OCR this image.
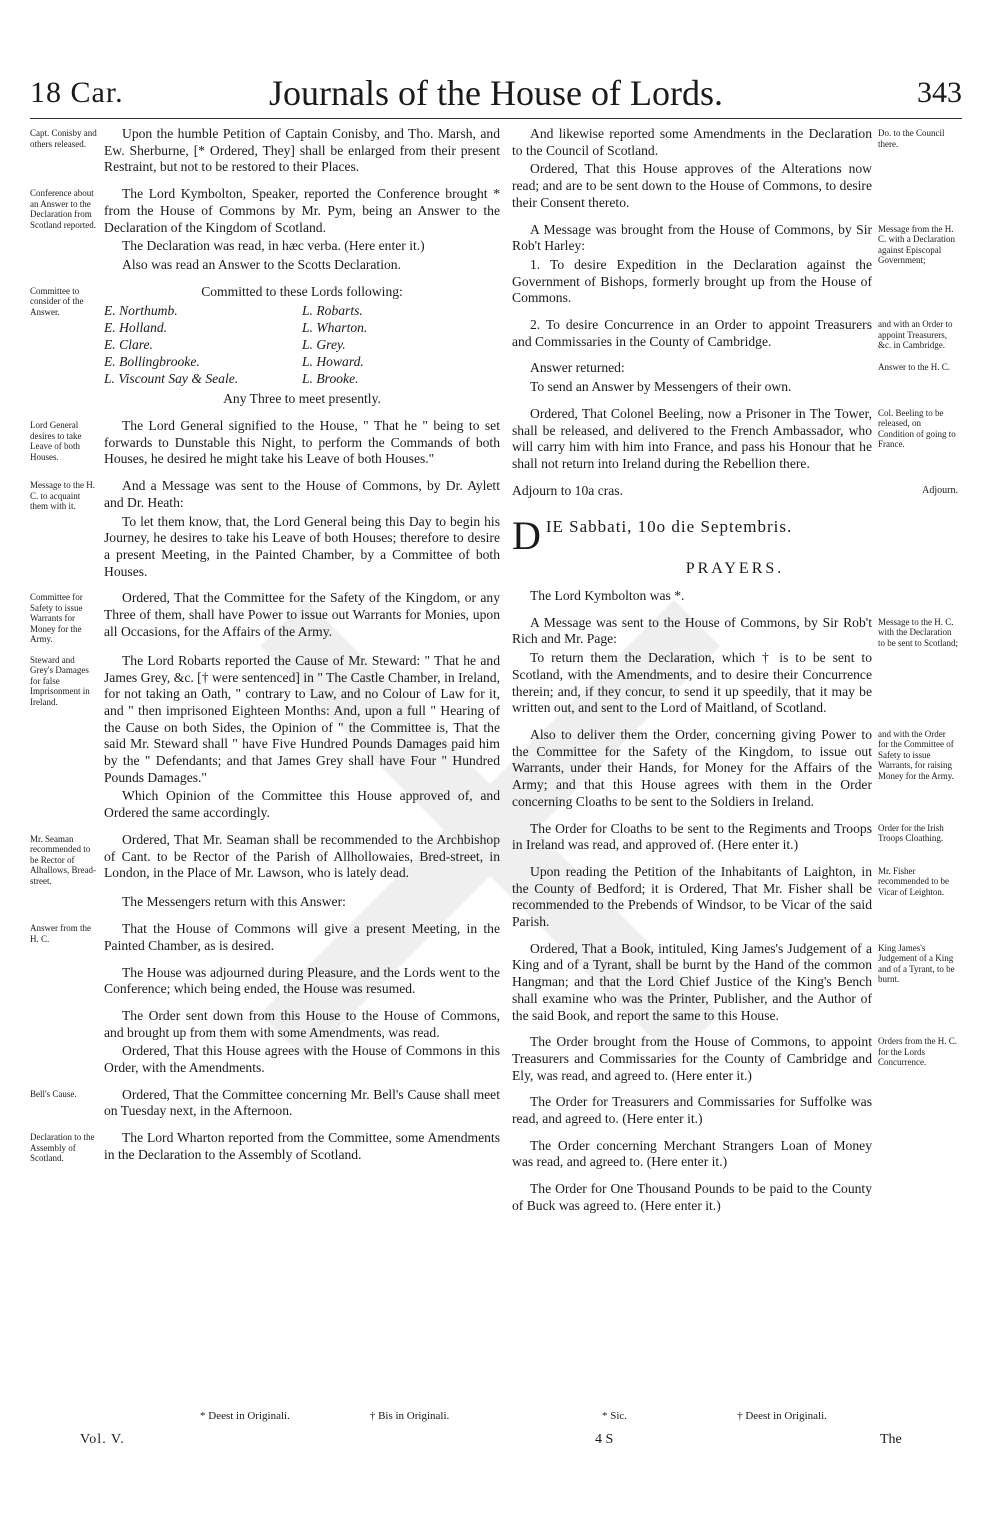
18 Car.	Journals of the House of Lords.	343
Capt. Conisby and others released.

Upon the humble Petition of Captain Conisby, and Tho. Marsh, and Ew. Sherburne, [* Ordered, They] shall be enlarged from their present Restraint, but not to be restored to their Places.

Conference about an Answer to the Declaration from Scotland reported.

The Lord Kymbolton, Speaker, reported the Conference brought * from the House of Commons by Mr. Pym, being an Answer to the Declaration of the Kingdom of Scotland.

The Declaration was read, in hæc verba. (Here enter it.)

Also was read an Answer to the Scotts Declaration.

Committee to consider of the Answer.

Committed to these Lords following:

E. Northumb.	L. Robarts.
E. Holland.	L. Wharton.
E. Clare.	L. Grey.
E. Bollingbrooke.	L. Howard.
L. Viscount Say & Seale.	L. Brooke.

Any Three to meet presently.

Lord General desires to take Leave of both Houses.

The Lord General signified to the House, " That he " being to set forwards to Dunstable this Night, to perform the Commands of both Houses, he desired he might take his Leave of both Houses."

Message to the H. C. to acquaint them with it.

And a Message was sent to the House of Commons, by Dr. Aylett and Dr. Heath:

To let them know, that, the Lord General being this Day to begin his Journey, he desires to take his Leave of both Houses; therefore to desire a present Meeting, in the Painted Chamber, by a Committee of both Houses.

Committee for Safety to issue Warrants for Money for the Army.

Ordered, That the Committee for the Safety of the Kingdom, or any Three of them, shall have Power to issue out Warrants for Monies, upon all Occasions, for the Affairs of the Army.

Steward and Grey's Damages for false Imprisonment in Ireland.

The Lord Robarts reported the Cause of Mr. Steward: " That he and James Grey, &c. [† were sentenced] in " The Castle Chamber, in Ireland, for not taking an Oath, " contrary to Law, and no Colour of Law for it, and " then imprisoned Eighteen Months: And, upon a full " Hearing of the Cause on both Sides, the Opinion of " the Committee is, That the said Mr. Steward shall " have Five Hundred Pounds Damages paid him by the " Defendants; and that James Grey shall have Four " Hundred Pounds Damages."

Which Opinion of the Committee this House approved of, and Ordered the same accordingly.

Mr. Seaman recommended to be Rector of Alhallows, Bread-street.

Ordered, That Mr. Seaman shall be recommended to the Archbishop of Cant. to be Rector of the Parish of Allhollowaies, Bred-street, in London, in the Place of Mr. Lawson, who is lately dead.

The Messengers return with this Answer:

Answer from the H. C.

That the House of Commons will give a present Meeting, in the Painted Chamber, as is desired.

The House was adjourned during Pleasure, and the Lords went to the Conference; which being ended, the House was resumed.

The Order sent down from this House to the House of Commons, and brought up from them with some Amendments, was read.

Ordered, That this House agrees with the House of Commons in this Order, with the Amendments.

Bell's Cause.	Ordered, That the Committee concerning Mr. Bell's Cause shall meet on Tuesday next, in the Afternoon.

Declaration to the Assembly of Scotland.

The Lord Wharton reported from the Committee, some Amendments in the Declaration to the Assembly of Scotland.

Do. to the Council there.

And likewise reported some Amendments in the Declaration to the Council of Scotland.

Ordered, That this House approves of the Alterations now read; and are to be sent down to the House of Commons, to desire their Consent thereto.

Message from the H. C. with a Declaration against Episcopal Government;

A Message was brought from the House of Commons, by Sir Rob't Harley:

1. To desire Expedition in the Declaration against the Government of Bishops, formerly brought up from the House of Commons.

and with an Order to appoint Treasurers, &c. in Cambridge.

2. To desire Concurrence in an Order to appoint Treasurers and Commissaries in the County of Cambridge.

Answer to the H. C.

Answer returned:

To send an Answer by Messengers of their own.

Col. Beeling to be released, on Condition of going to France.

Ordered, That Colonel Beeling, now a Prisoner in The Tower, shall be released, and delivered to the French Ambassador, who will carry him with him into France, and pass his Honour that he shall not return into Ireland during the Rebellion there.

Adjourn to 10a cras.	Adjourn.
D IE Sabbati, 10o die Septembris.
PRAYERS.

The Lord Kymbolton was *.

Message to the H. C. with the Declaration to be sent to Scotland;

A Message was sent to the House of Commons, by Sir Rob't Rich and Mr. Page:

To return them the Declaration, which † is to be sent to Scotland, with the Amendments, and to desire their Concurrence therein; and, if they concur, to send it up speedily, that it may be written out, and sent to the Lord of Maitland, of Scotland.

and with the Order for the Committee of Safety to issue Warrants, for raising Money for the Army.

Also to deliver them the Order, concerning giving Power to the Committee for the Safety of the Kingdom, to issue out Warrants, under their Hands, for Money for the Affairs of the Army; and that this House agrees with them in the Order concerning Cloaths to be sent to the Soldiers in Ireland.

Order for the Irish Troops Cloathing.

The Order for Cloaths to be sent to the Regiments and Troops in Ireland was read, and approved of. (Here enter it.)

Mr. Fisher recommended to be Vicar of Leighton.

Upon reading the Petition of the Inhabitants of Laighton, in the County of Bedford; it is Ordered, That Mr. Fisher shall be recommended to the Prebends of Windsor, to be Vicar of the said Parish.

King James's Judgement of a King and of a Tyrant, to be burnt.

Ordered, That a Book, intituled, King James's Judgement of a King and of a Tyrant, shall be burnt by the Hand of the common Hangman; and that the Lord Chief Justice of the King's Bench shall examine who was the Printer, Publisher, and the Author of the said Book, and report the same to this House.

Orders from the H. C. for the Lords Concurrence.

The Order brought from the House of Commons, to appoint Treasurers and Commissaries for the County of Cambridge and Ely, was read, and agreed to. (Here enter it.)

The Order for Treasurers and Commissaries for Suffolke was read, and agreed to. (Here enter it.)

The Order concerning Merchant Strangers Loan of Money was read, and agreed to. (Here enter it.)

The Order for One Thousand Pounds to be paid to the County of Buck was agreed to. (Here enter it.)

* Deest in Originali.	† Bis in Originali.	* Sic.	† Deest in Originali.
Vol. V.	4 S	The
